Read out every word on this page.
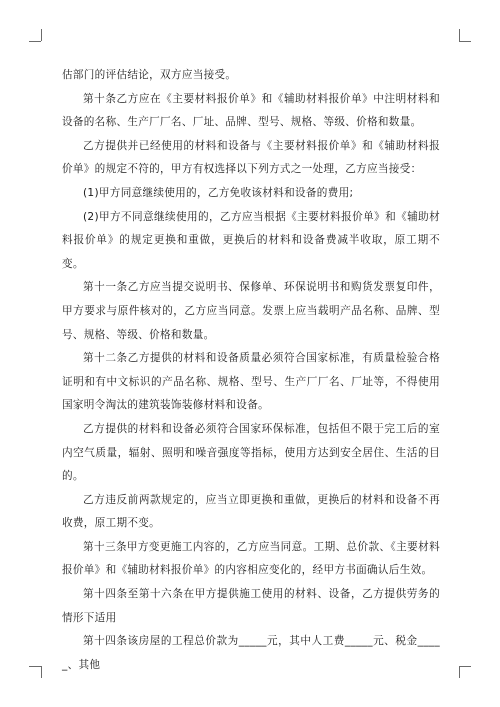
估部门的评估结论，双方应当接受。

第十条乙方应在《主要材料报价单》和《辅助材料报价单》中注明材料和设备的名称、生产厂厂名、厂址、品牌、型号、规格、等级、价格和数量。

乙方提供并已经使用的材料和设备与《主要材料报价单》和《辅助材料报价单》的规定不符的，甲方有权选择以下列方式之一处理，乙方应当接受：

(1)甲方同意继续使用的，乙方免收该材料和设备的费用;

(2)甲方不同意继续使用的，乙方应当根据《主要材料报价单》和《辅助材料报价单》的规定更换和重做，更换后的材料和设备费减半收取，原工期不变。

第十一条乙方应当提交说明书、保修单、环保说明书和购货发票复印件，甲方要求与原件核对的，乙方应当同意。发票上应当载明产品名称、品牌、型号、规格、等级、价格和数量。

第十二条乙方提供的材料和设备质量必须符合国家标准，有质量检验合格证明和有中文标识的产品名称、规格、型号、生产厂厂名、厂址等，不得使用国家明令淘汰的建筑装饰装修材料和设备。

乙方提供的材料和设备必须符合国家环保标准，包括但不限于完工后的室内空气质量，辐射、照明和噪音强度等指标，使用方达到安全居住、生活的目的。

乙方违反前两款规定的，应当立即更换和重做，更换后的材料和设备不再收费，原工期不变。

第十三条甲方变更施工内容的，乙方应当同意。工期、总价款、《主要材料报价单》和《辅助材料报价单》的内容相应变化的，经甲方书面确认后生效。

第十四条至第十六条在甲方提供施工使用的材料、设备，乙方提供劳务的情形下适用

第十四条该房屋的工程总价款为_____元，其中人工费_____元、税金_____、其他
